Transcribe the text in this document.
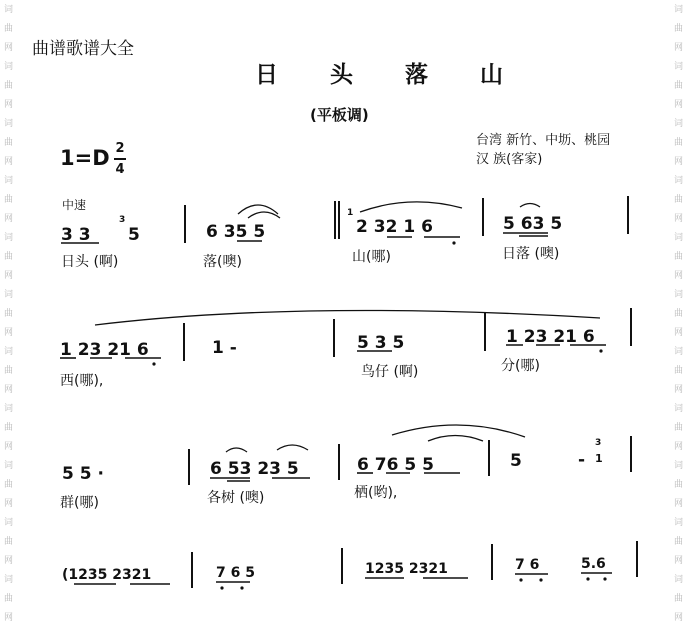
词
曲
网
词
曲
网
词
曲
网
词
曲
网
词
曲
网
词
曲
网
词
曲
网
词
曲
网
词
曲
网
词
曲
网
词
曲
网
词
曲
网
词
曲
网
词
曲
网
词
曲
网
词
曲
网
词
曲
网
词
曲
网
词
曲
网
词
曲
网
词
曲
网
词
曲
网
曲谱歌谱大全
日 头 落 山
(平板调)
1=D 2
4
台湾 新竹、中坜、桃园
汉 族(客家)
中速
3 3
3
5	6 35 5
1
2 32 1 6	5 63 5
日头 (啊)	落(噢)	山(哪)	日落 (噢)
1 23 21 6	1 -	5 3 5	1 23 21 6
西(哪),
鸟仔 (啊)	分(哪)
5 5 ·	6 53 23 5	6 76 5 5	5	-
3
1
群(哪)	各树 (噢)	栖(哟),
(1235 2321	7 6 5	1235 2321	7 6	5.6
